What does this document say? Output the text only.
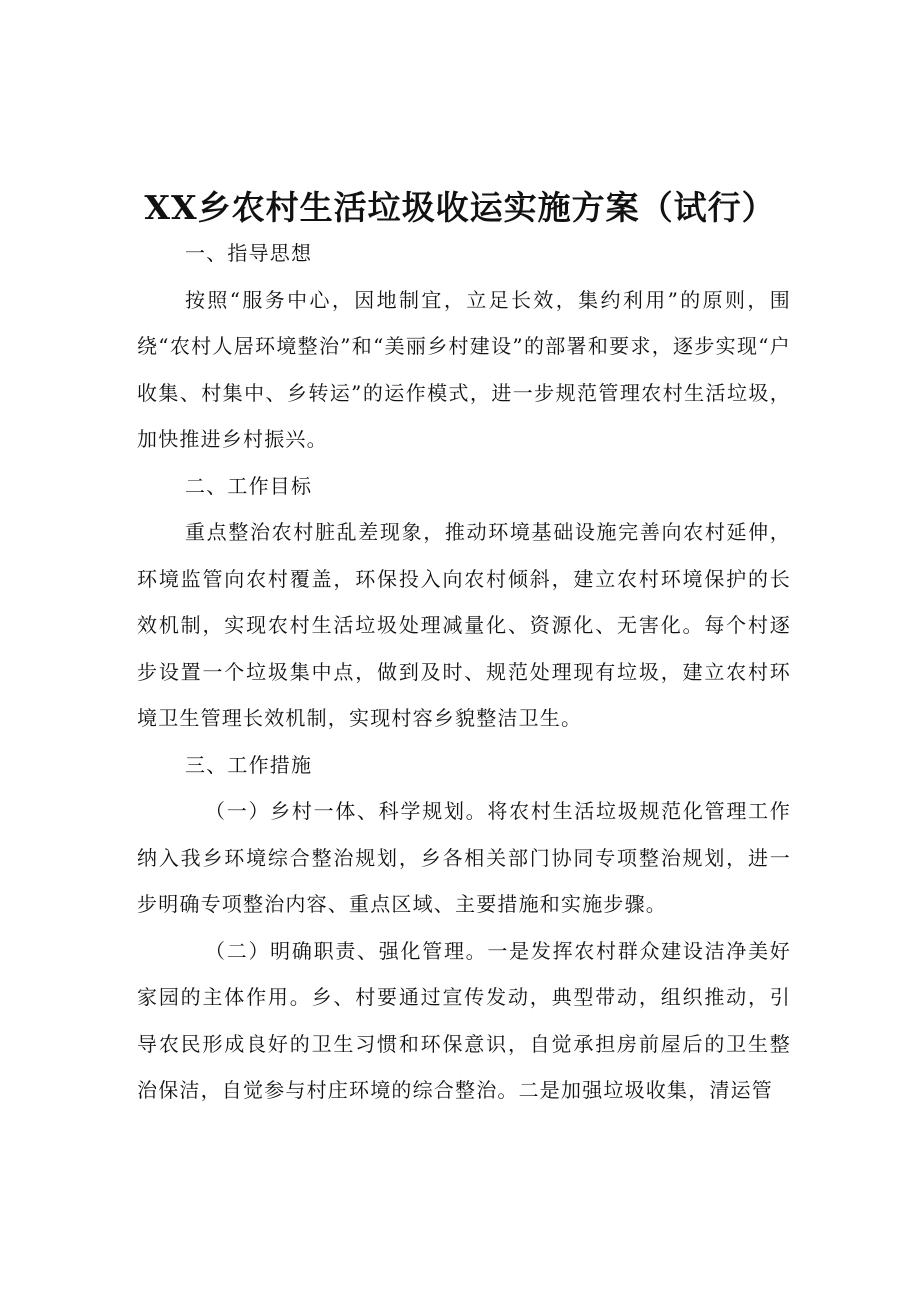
XX乡农村生活垃圾收运实施方案（试行）

一、指导思想

按照“服务中心，因地制宜，立足长效，集约利用”的原则，围绕“农村人居环境整治”和“美丽乡村建设”的部署和要求，逐步实现“户收集、村集中、乡转运”的运作模式，进一步规范管理农村生活垃圾，加快推进乡村振兴。

二、工作目标

重点整治农村脏乱差现象，推动环境基础设施完善向农村延伸，环境监管向农村覆盖，环保投入向农村倾斜，建立农村环境保护的长效机制，实现农村生活垃圾处理减量化、资源化、无害化。每个村逐步设置一个垃圾集中点，做到及时、规范处理现有垃圾，建立农村环境卫生管理长效机制，实现村容乡貌整洁卫生。

三、工作措施

（一）乡村一体、科学规划。将农村生活垃圾规范化管理工作纳入我乡环境综合整治规划，乡各相关部门协同专项整治规划，进一步明确专项整治内容、重点区域、主要措施和实施步骤。

（二）明确职责、强化管理。一是发挥农村群众建设洁净美好家园的主体作用。乡、村要通过宣传发动，典型带动，组织推动，引导农民形成良好的卫生习惯和环保意识，自觉承担房前屋后的卫生整治保洁，自觉参与村庄环境的综合整治。二是加强垃圾收集，清运管
